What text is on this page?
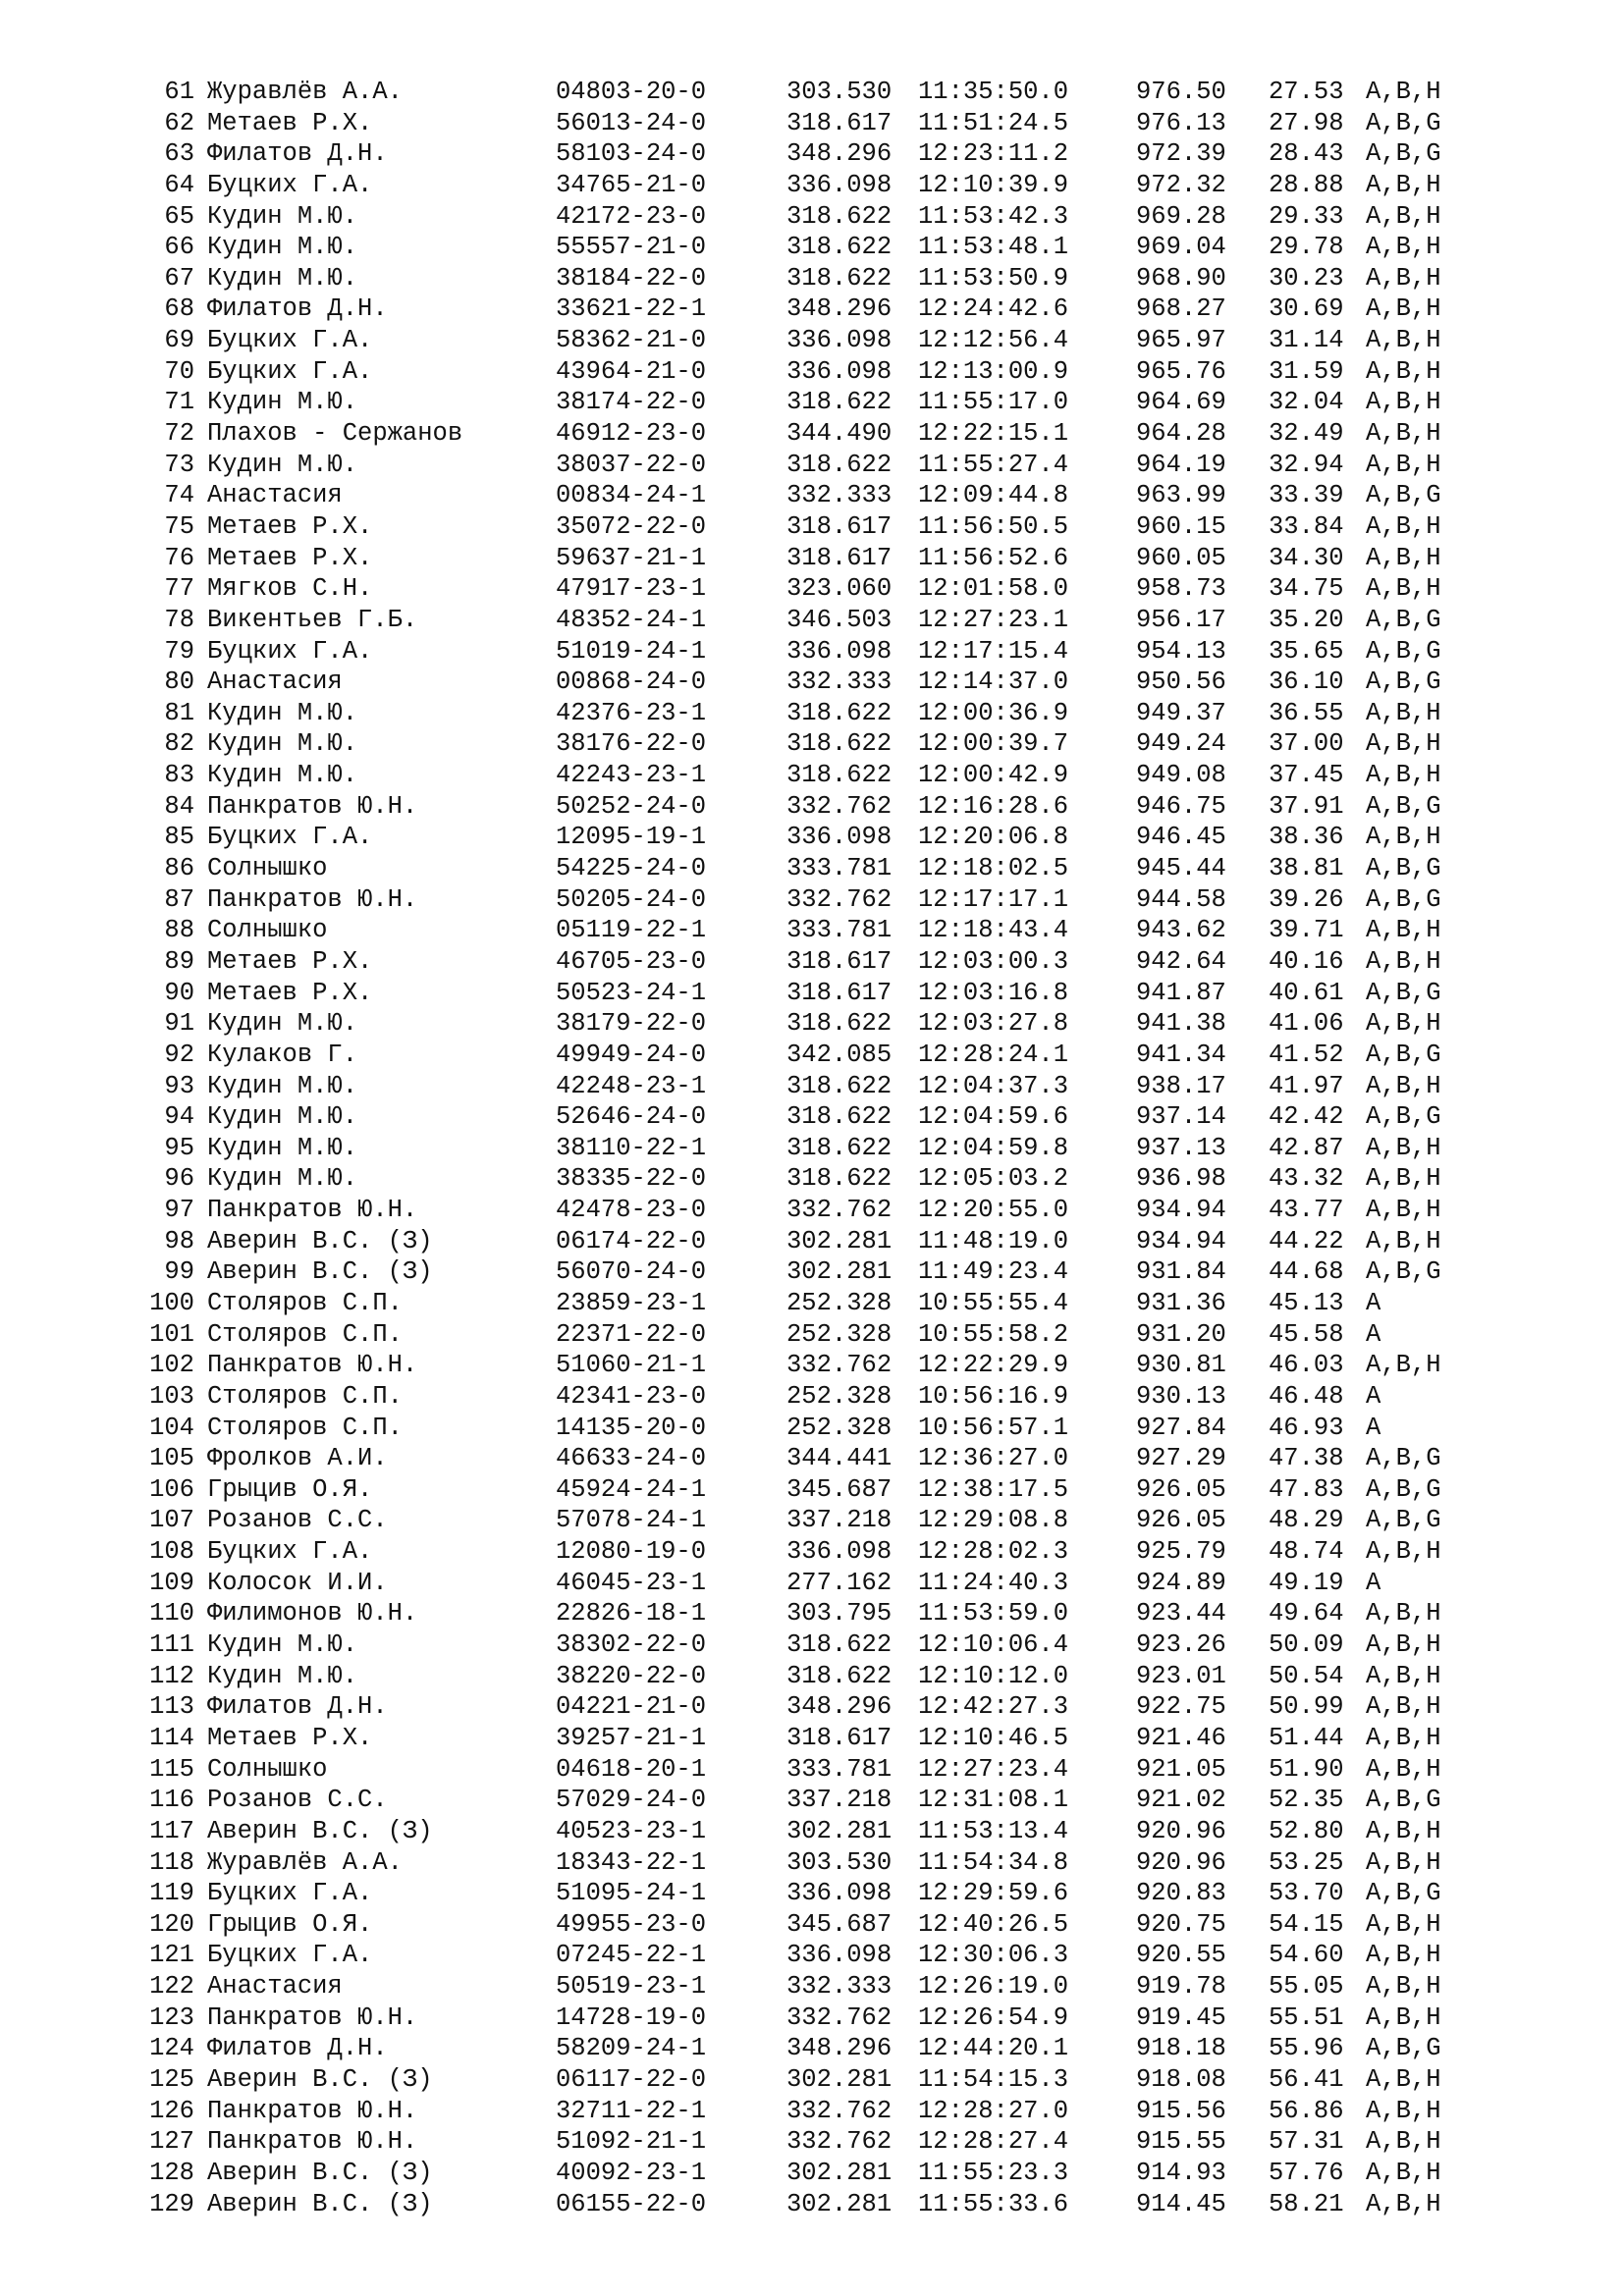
61 Журавлёв А.А.	04803-20-0	303.530 11:35:50.0	976.50 27.53 A,B,H
62 Метаев Р.Х.	56013-24-0	318.617 11:51:24.5	976.13 27.98 A,B,G
63 Филатов Д.Н.	58103-24-0	348.296 12:23:11.2	972.39 28.43 A,B,G
64 Буцких Г.А.	34765-21-0	336.098 12:10:39.9	972.32 28.88 A,B,H
65 Кудин М.Ю.	42172-23-0	318.622 11:53:42.3	969.28 29.33 A,B,H
66 Кудин М.Ю.	55557-21-0	318.622 11:53:48.1	969.04 29.78 A,B,H
67 Кудин М.Ю.	38184-22-0	318.622 11:53:50.9	968.90 30.23 A,B,H
68 Филатов Д.Н.	33621-22-1	348.296 12:24:42.6	968.27 30.69 A,B,H
69 Буцких Г.А.	58362-21-0	336.098 12:12:56.4	965.97 31.14 A,B,H
70 Буцких Г.А.	43964-21-0	336.098 12:13:00.9	965.76 31.59 A,B,H
71 Кудин М.Ю.	38174-22-0	318.622 11:55:17.0	964.69 32.04 A,B,H
72 Плахов - Сержанов	46912-23-0	344.490 12:22:15.1	964.28 32.49 A,B,H
73 Кудин М.Ю.	38037-22-0	318.622 11:55:27.4	964.19 32.94 A,B,H
74 Анастасия	00834-24-1	332.333 12:09:44.8	963.99 33.39 A,B,G
75 Метаев Р.Х.	35072-22-0	318.617 11:56:50.5	960.15 33.84 A,B,H
76 Метаев Р.Х.	59637-21-1	318.617 11:56:52.6	960.05 34.30 A,B,H
77 Мягков С.Н.	47917-23-1	323.060 12:01:58.0	958.73 34.75 A,B,H
78 Викентьев Г.Б.	48352-24-1	346.503 12:27:23.1	956.17 35.20 A,B,G
79 Буцких Г.А.	51019-24-1	336.098 12:17:15.4	954.13 35.65 A,B,G
80 Анастасия	00868-24-0	332.333 12:14:37.0	950.56 36.10 A,B,G
81 Кудин М.Ю.	42376-23-1	318.622 12:00:36.9	949.37 36.55 A,B,H
82 Кудин М.Ю.	38176-22-0	318.622 12:00:39.7	949.24 37.00 A,B,H
83 Кудин М.Ю.	42243-23-1	318.622 12:00:42.9	949.08 37.45 A,B,H
84 Панкратов Ю.Н.	50252-24-0	332.762 12:16:28.6	946.75 37.91 A,B,G
85 Буцких Г.А.	12095-19-1	336.098 12:20:06.8	946.45 38.36 A,B,H
86 Солнышко	54225-24-0	333.781 12:18:02.5	945.44 38.81 A,B,G
87 Панкратов Ю.Н.	50205-24-0	332.762 12:17:17.1	944.58 39.26 A,B,G
88 Солнышко	05119-22-1	333.781 12:18:43.4	943.62 39.71 A,B,H
89 Метаев Р.Х.	46705-23-0	318.617 12:03:00.3	942.64 40.16 A,B,H
90 Метаев Р.Х.	50523-24-1	318.617 12:03:16.8	941.87 40.61 A,B,G
91 Кудин М.Ю.	38179-22-0	318.622 12:03:27.8	941.38 41.06 A,B,H
92 Кулаков Г.	49949-24-0	342.085 12:28:24.1	941.34 41.52 A,B,G
93 Кудин М.Ю.	42248-23-1	318.622 12:04:37.3	938.17 41.97 A,B,H
94 Кудин М.Ю.	52646-24-0	318.622 12:04:59.6	937.14 42.42 A,B,G
95 Кудин М.Ю.	38110-22-1	318.622 12:04:59.8	937.13 42.87 A,B,H
96 Кудин М.Ю.	38335-22-0	318.622 12:05:03.2	936.98 43.32 A,B,H
97 Панкратов Ю.Н.	42478-23-0	332.762 12:20:55.0	934.94 43.77 A,B,H
98 Аверин В.С. (З)	06174-22-0	302.281 11:48:19.0	934.94 44.22 A,B,H
99 Аверин В.С. (З)	56070-24-0	302.281 11:49:23.4	931.84 44.68 A,B,G
100 Столяров С.П.	23859-23-1	252.328 10:55:55.4	931.36 45.13 A
101 Столяров С.П.	22371-22-0	252.328 10:55:58.2	931.20 45.58 A
102 Панкратов Ю.Н.	51060-21-1	332.762 12:22:29.9	930.81 46.03 A,B,H
103 Столяров С.П.	42341-23-0	252.328 10:56:16.9	930.13 46.48 A
104 Столяров С.П.	14135-20-0	252.328 10:56:57.1	927.84 46.93 A
105 Фролков А.И.	46633-24-0	344.441 12:36:27.0	927.29 47.38 A,B,G
106 Грыцив О.Я.	45924-24-1	345.687 12:38:17.5	926.05 47.83 A,B,G
107 Розанов С.С.	57078-24-1	337.218 12:29:08.8	926.05 48.29 A,B,G
108 Буцких Г.А.	12080-19-0	336.098 12:28:02.3	925.79 48.74 A,B,H
109 Колосок И.И.	46045-23-1	277.162 11:24:40.3	924.89 49.19 A
110 Филимонов Ю.Н.	22826-18-1	303.795 11:53:59.0	923.44 49.64 A,B,H
111 Кудин М.Ю.	38302-22-0	318.622 12:10:06.4	923.26 50.09 A,B,H
112 Кудин М.Ю.	38220-22-0	318.622 12:10:12.0	923.01 50.54 A,B,H
113 Филатов Д.Н.	04221-21-0	348.296 12:42:27.3	922.75 50.99 A,B,H
114 Метаев Р.Х.	39257-21-1	318.617 12:10:46.5	921.46 51.44 A,B,H
115 Солнышко	04618-20-1	333.781 12:27:23.4	921.05 51.90 A,B,H
116 Розанов С.С.	57029-24-0	337.218 12:31:08.1	921.02 52.35 A,B,G
117 Аверин В.С. (З)	40523-23-1	302.281 11:53:13.4	920.96 52.80 A,B,H
118 Журавлёв А.А.	18343-22-1	303.530 11:54:34.8	920.96 53.25 A,B,H
119 Буцких Г.А.	51095-24-1	336.098 12:29:59.6	920.83 53.70 A,B,G
120 Грыцив О.Я.	49955-23-0	345.687 12:40:26.5	920.75 54.15 A,B,H
121 Буцких Г.А.	07245-22-1	336.098 12:30:06.3	920.55 54.60 A,B,H
122 Анастасия	50519-23-1	332.333 12:26:19.0	919.78 55.05 A,B,H
123 Панкратов Ю.Н.	14728-19-0	332.762 12:26:54.9	919.45 55.51 A,B,H
124 Филатов Д.Н.	58209-24-1	348.296 12:44:20.1	918.18 55.96 A,B,G
125 Аверин В.С. (З)	06117-22-0	302.281 11:54:15.3	918.08 56.41 A,B,H
126 Панкратов Ю.Н.	32711-22-1	332.762 12:28:27.0	915.56 56.86 A,B,H
127 Панкратов Ю.Н.	51092-21-1	332.762 12:28:27.4	915.55 57.31 A,B,H
128 Аверин В.С. (З)	40092-23-1	302.281 11:55:23.3	914.93 57.76 A,B,H
129 Аверин В.С. (З)	06155-22-0	302.281 11:55:33.6	914.45 58.21 A,B,H
